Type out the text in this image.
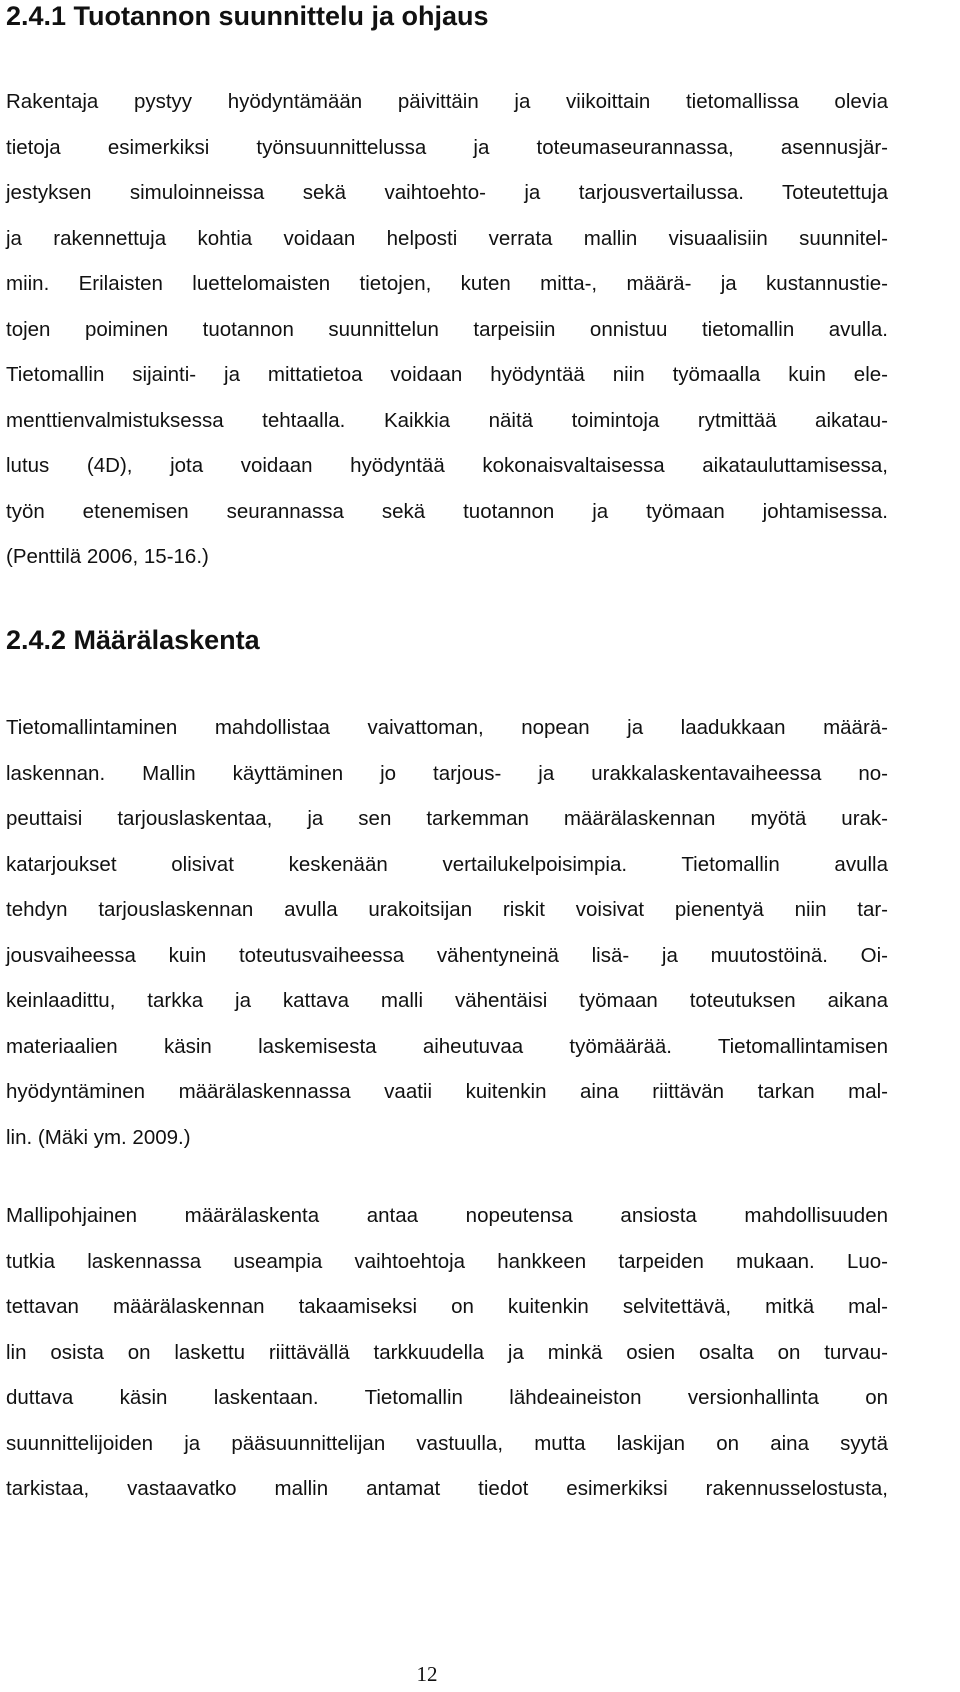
2.4.1 Tuotannon suunnittelu ja ohjaus
Rakentaja pystyy hyödyntämään päivittäin ja viikoittain tietomallissa olevia
tietoja esimerkiksi työnsuunnittelussa ja toteumaseurannassa, asennusjär-
jestyksen simuloinneissa sekä vaihtoehto- ja tarjousvertailussa. Toteutettuja
ja rakennettuja kohtia voidaan helposti verrata mallin visuaalisiin suunnitel-
miin. Erilaisten luettelomaisten tietojen, kuten mitta-, määrä- ja kustannustie-
tojen poiminen tuotannon suunnittelun tarpeisiin onnistuu tietomallin avulla.
Tietomallin sijainti- ja mittatietoa voidaan hyödyntää niin työmaalla kuin ele-
menttienvalmistuksessa tehtaalla. Kaikkia näitä toimintoja rytmittää aikatau-
lutus (4D), jota voidaan hyödyntää kokonaisvaltaisessa aikatauluttamisessa,
työn etenemisen seurannassa sekä tuotannon ja työmaan johtamisessa.
(Penttilä 2006, 15-16.)
2.4.2 Määrälaskenta
Tietomallintaminen mahdollistaa vaivattoman, nopean ja laadukkaan määrä-
laskennan. Mallin käyttäminen jo tarjous- ja urakkalaskentavaiheessa no-
peuttaisi tarjouslaskentaa, ja sen tarkemman määrälaskennan myötä urak-
katarjoukset olisivat keskenään vertailukelpoisimpia. Tietomallin avulla
tehdyn tarjouslaskennan avulla urakoitsijan riskit voisivat pienentyä niin tar-
jousvaiheessa kuin toteutusvaiheessa vähentyneinä lisä- ja muutostöinä. Oi-
keinlaadittu, tarkka ja kattava malli vähentäisi työmaan toteutuksen aikana
materiaalien käsin laskemisesta aiheutuvaa työmäärää. Tietomallintamisen
hyödyntäminen määrälaskennassa vaatii kuitenkin aina riittävän tarkan mal-
lin. (Mäki ym. 2009.)
Mallipohjainen määrälaskenta antaa nopeutensa ansiosta mahdollisuuden
tutkia laskennassa useampia vaihtoehtoja hankkeen tarpeiden mukaan. Luo-
tettavan määrälaskennan takaamiseksi on kuitenkin selvitettävä, mitkä mal-
lin osista on laskettu riittävällä tarkkuudella ja minkä osien osalta on turvau-
duttava käsin laskentaan. Tietomallin lähdeaineiston versionhallinta on
suunnittelijoiden ja pääsuunnittelijan vastuulla, mutta laskijan on aina syytä
tarkistaa, vastaavatko mallin antamat tiedot esimerkiksi rakennusselostusta,
12
